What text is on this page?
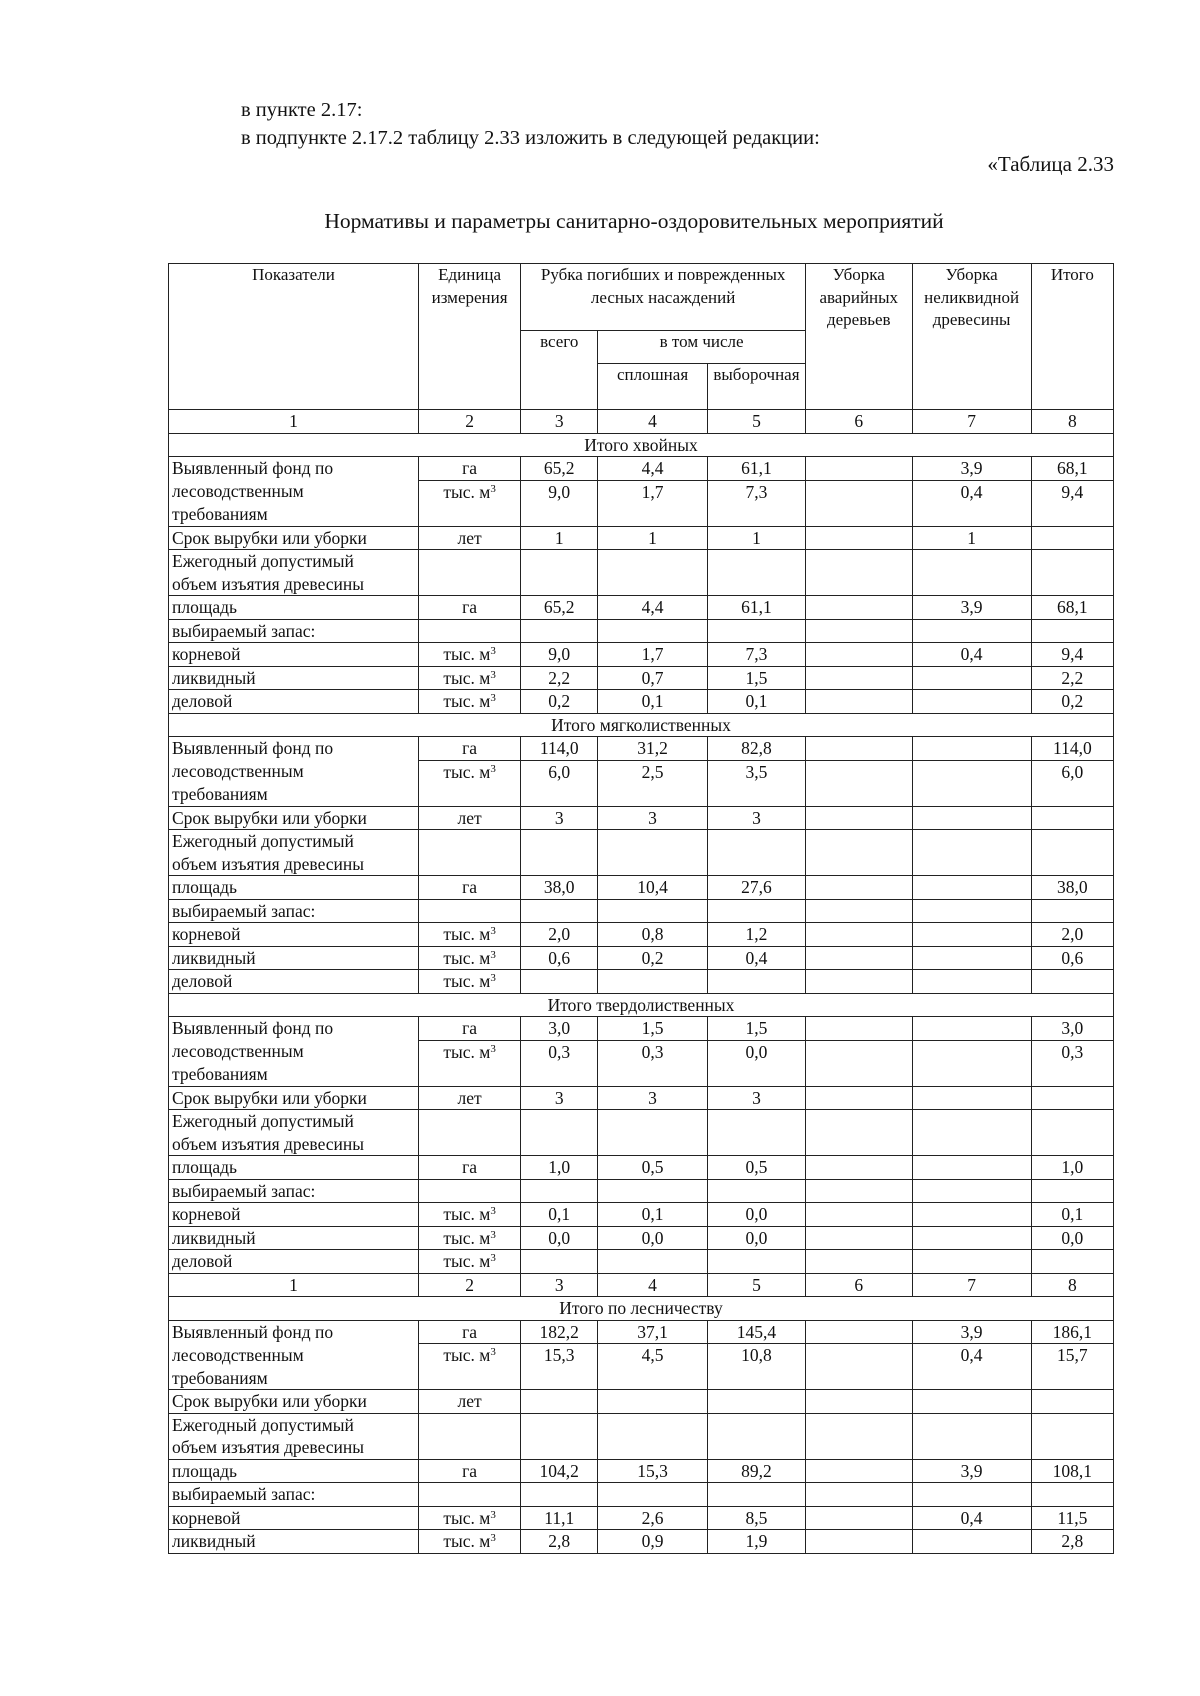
в пункте 2.17:
в подпункте 2.17.2 таблицу 2.33 изложить в следующей редакции:
«Таблица 2.33
Нормативы и параметры санитарно-оздоровительных мероприятий
Показатели	Единица измерения	Рубка погибших и поврежденных лесных насаждений			Уборка аварийных деревьев	Уборка неликвидной древесины	Итого
		всего	в том числе				
			сплошная	выборочная			
1	2	3	4	5	6	7	8
Итого хвойных							
Выявленный фонд по	га	65,2	4,4	61,1		3,9	68,1
лесоводственным	тыс. $м^3$	9,0	1,7	7,3		0,4	9,4
требованиям							
Срок вырубки или уборки	лет	1	1	1		1	
Ежегодный допустимый							
объем изъятия древесины							
площадь	га	65,2	4,4	61,1		3,9	68,1
выбираемый запас:							
корневой	тыс. $м^3$	9,0	1,7	7,3		0,4	9,4
ликвидный	тыс. $м^3$	2,2	0,7	1,5			2,2
деловой	тыс. $м^3$	0,2	0,1	0,1			0,2
Итого мягколиственных							
Выявленный фонд по	га	114,0	31,2	82,8			114,0
лесоводственным	тыс. $м^3$	6,0	2,5	3,5			6,0
требованиям							
Срок вырубки или уборки	лет	3	3	3			
Ежегодный допустимый							
объем изъятия древесины							
площадь	га	38,0	10,4	27,6			38,0
выбираемый запас:							
корневой	тыс. $м^3$	2,0	0,8	1,2			2,0
ликвидный	тыс. $м^3$	0,6	0,2	0,4			0,6
деловой	тыс. $м^3$						
Итого твердолиственных							
Выявленный фонд по	га	3,0	1,5	1,5			3,0
лесоводственным	тыс. $м^3$	0,3	0,3	0,0			0,3
требованиям							
Срок вырубки или уборки	лет	3	3	3			
Ежегодный допустимый							
объем изъятия древесины							
площадь	га	1,0	0,5	0,5			1,0
выбираемый запас:							
корневой	тыс. $м^3$	0,1	0,1	0,0			0,1
ликвидный	тыс. $м^3$	0,0	0,0	0,0			0,0
деловой	тыс. $м^3$						
1	2	3	4	5	6	7	8
Итого по лесничеству							
Выявленный фонд по	га	182,2	37,1	145,4		3,9	186,1
лесоводственным	тыс. $м^3$	15,3	4,5	10,8		0,4	15,7
требованиям							
Срок вырубки или уборки	лет						
Ежегодный допустимый							
объем изъятия древесины							
площадь	га	104,2	15,3	89,2		3,9	108,1
выбираемый запас:							
корневой	тыс. $м^3$	11,1	2,6	8,5		0,4	11,5
ликвидный	тыс. $м^3$	2,8	0,9	1,9			2,8
